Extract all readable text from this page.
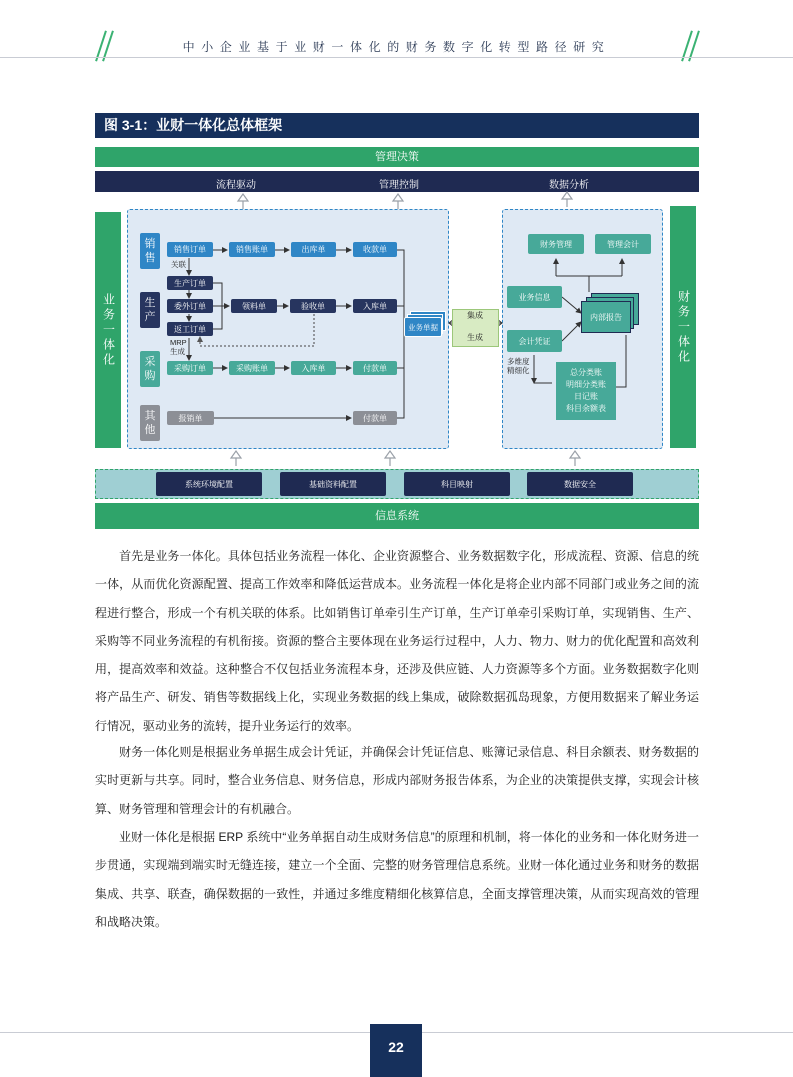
中小企业基于业财一体化的财务数字化转型路径研究
图 3-1：业财一体化总体框架
管理决策
流程驱动	管理控制	数据分析
业务一体化	财务一体化
销售
生产
采购
其他
销售订单	销售账单	出库单	收款单
关联
生产订单
委外订单
返工订单
领料单	验收单	入库单
MRP
生成
采购订单	采购账单	入库单	付款单
报销单	付款单
业务单据
集成
生成
财务管理	管理会计
业务信息
会计凭证
内部报告
多维度
精细化	总分类账
明细分类账
日记账
科目余额表
系统环境配置	基础资料配置	科目映射	数据安全
信息系统

首先是业务一体化。具体包括业务流程一体化、企业资源整合、业务数据数字化，形成流程、资源、信息的统一体，从而优化资源配置、提高工作效率和降低运营成本。业务流程一体化是将企业内部不同部门或业务之间的流程进行整合，形成一个有机关联的体系。比如销售订单牵引生产订单，生产订单牵引采购订单，实现销售、生产、采购等不同业务流程的有机衔接。资源的整合主要体现在业务运行过程中，人力、物力、财力的优化配置和高效利用，提高效率和效益。这种整合不仅包括业务流程本身，还涉及供应链、人力资源等多个方面。业务数据数字化则将产品生产、研发、销售等数据线上化，实现业务数据的线上集成，破除数据孤岛现象，方便用数据来了解业务运行情况，驱动业务的流转，提升业务运行的效率。

财务一体化则是根据业务单据生成会计凭证，并确保会计凭证信息、账簿记录信息、科目余额表、财务数据的实时更新与共享。同时，整合业务信息、财务信息，形成内部财务报告体系，为企业的决策提供支撑，实现会计核算、财务管理和管理会计的有机融合。

业财一体化是根据 ERP 系统中“业务单据自动生成财务信息”的原理和机制，将一体化的业务和一体化财务进一步贯通，实现端到端实时无缝连接，建立一个全面、完整的财务管理信息系统。业财一体化通过业务和财务的数据集成、共享、联查，确保数据的一致性，并通过多维度精细化核算信息，全面支撑管理决策，从而实现高效的管理和战略决策。

22
